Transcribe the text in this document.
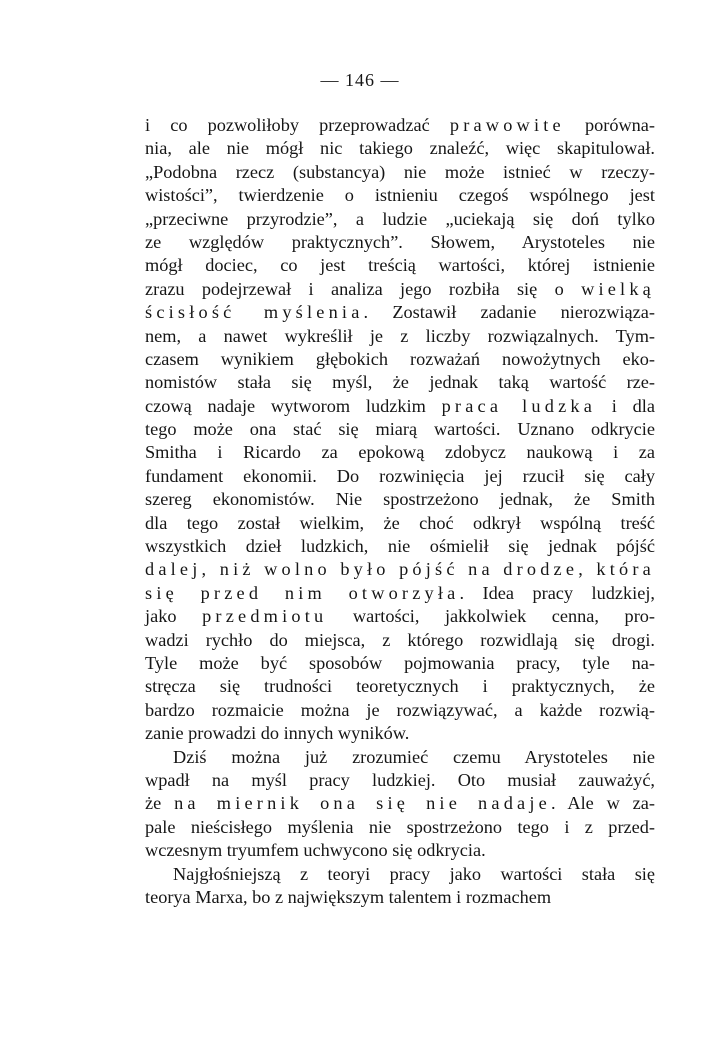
— 146 —
i co pozwoliłoby przeprowadzać prawowite porówna-
nia, ale nie mógł nic takiego znaleźć, więc skapitulował.
„Podobna rzecz (substancya) nie może istnieć w rzeczy-
wistości”, twierdzenie o istnieniu czegoś wspólnego jest
„przeciwne przyrodzie”, a ludzie „uciekają się doń tylko
ze względów praktycznych”. Słowem, Arystoteles nie
mógł dociec, co jest treścią wartości, której istnienie
zrazu podejrzewał i analiza jego rozbiła się o wielką
ścisłość myślenia. Zostawił zadanie nierozwiąza-
nem, a nawet wykreślił je z liczby rozwiązalnych. Tym-
czasem wynikiem głębokich rozważań nowożytnych eko-
nomistów stała się myśl, że jednak taką wartość rze-
czową nadaje wytworom ludzkim praca ludzka i dla
tego może ona stać się miarą wartości. Uznano odkrycie
Smitha i Ricardo za epokową zdobycz naukową i za
fundament ekonomii. Do rozwinięcia jej rzucił się cały
szereg ekonomistów. Nie spostrzeżono jednak, że Smith
dla tego został wielkim, że choć odkrył wspólną treść
wszystkich dzieł ludzkich, nie ośmielił się jednak pójść
dalej, niż wolno było pójść na drodze, która
się przed nim otworzyła. Idea pracy ludzkiej,
jako przedmiotu wartości, jakkolwiek cenna, pro-
wadzi rychło do miejsca, z którego rozwidlają się drogi.
Tyle może być sposobów pojmowania pracy, tyle na-
stręcza się trudności teoretycznych i praktycznych, że
bardzo rozmaicie można je rozwiązywać, a każde rozwią-
zanie prowadzi do innych wyników.
Dziś można już zrozumieć czemu Arystoteles nie
wpadł na myśl pracy ludzkiej. Oto musiał zauważyć,
że na miernik ona się nie nadaje. Ale w za-
pale nieścisłego myślenia nie spostrzeżono tego i z przed-
wczesnym tryumfem uchwycono się odkrycia.
Najgłośniejszą z teoryi pracy jako wartości stała się
teorya Marxa, bo z największym talentem i rozmachem
